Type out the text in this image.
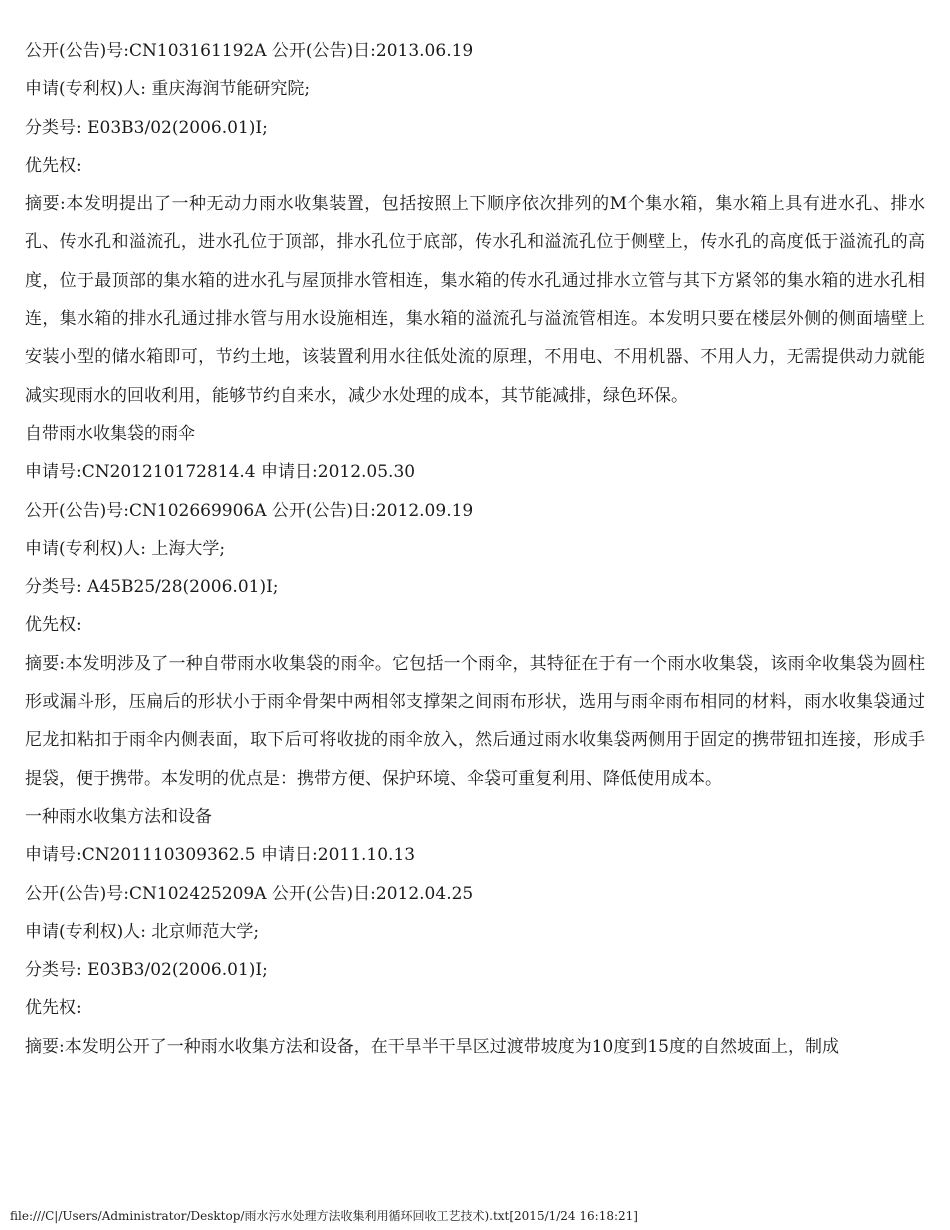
公开(公告)号:CN103161192A 公开(公告)日:2013.06.19

申请(专利权)人: 重庆海润节能研究院;

分类号: E03B3/02(2006.01)I;

优先权:

摘要:本发明提出了一种无动力雨水收集装置，包括按照上下顺序依次排列的M个集水箱，集水箱上具有进水孔、排水孔、传水孔和溢流孔，进水孔位于顶部，排水孔位于底部，传水孔和溢流孔位于侧壁上，传水孔的高度低于溢流孔的高度，位于最顶部的集水箱的进水孔与屋顶排水管相连，集水箱的传水孔通过排水立管与其下方紧邻的集水箱的进水孔相连，集水箱的排水孔通过排水管与用水设施相连，集水箱的溢流孔与溢流管相连。本发明只要在楼层外侧的侧面墙壁上安装小型的储水箱即可，节约土地，该装置利用水往低处流的原理，不用电、不用机器、不用人力，无需提供动力就能减实现雨水的回收利用，能够节约自来水，减少水处理的成本，其节能减排，绿色环保。

自带雨水收集袋的雨伞

申请号:CN201210172814.4 申请日:2012.05.30

公开(公告)号:CN102669906A 公开(公告)日:2012.09.19

申请(专利权)人: 上海大学;

分类号: A45B25/28(2006.01)I;

优先权:

摘要:本发明涉及了一种自带雨水收集袋的雨伞。它包括一个雨伞，其特征在于有一个雨水收集袋，该雨伞收集袋为圆柱形或漏斗形，压扁后的形状小于雨伞骨架中两相邻支撑架之间雨布形状，选用与雨伞雨布相同的材料，雨水收集袋通过尼龙扣粘扣于雨伞内侧表面，取下后可将收拢的雨伞放入，然后通过雨水收集袋两侧用于固定的携带钮扣连接，形成手提袋，便于携带。本发明的优点是：携带方便、保护环境、伞袋可重复利用、降低使用成本。

一种雨水收集方法和设备

申请号:CN201110309362.5 申请日:2011.10.13

公开(公告)号:CN102425209A 公开(公告)日:2012.04.25

申请(专利权)人: 北京师范大学;

分类号: E03B3/02(2006.01)I;

优先权:

摘要:本发明公开了一种雨水收集方法和设备，在干旱半干旱区过渡带坡度为10度到15度的自然坡面上，制成

file:///C|/Users/Administrator/Desktop/雨水污水处理方法收集利用循环回收工艺技术).txt[2015/1/24 16:18:21]
